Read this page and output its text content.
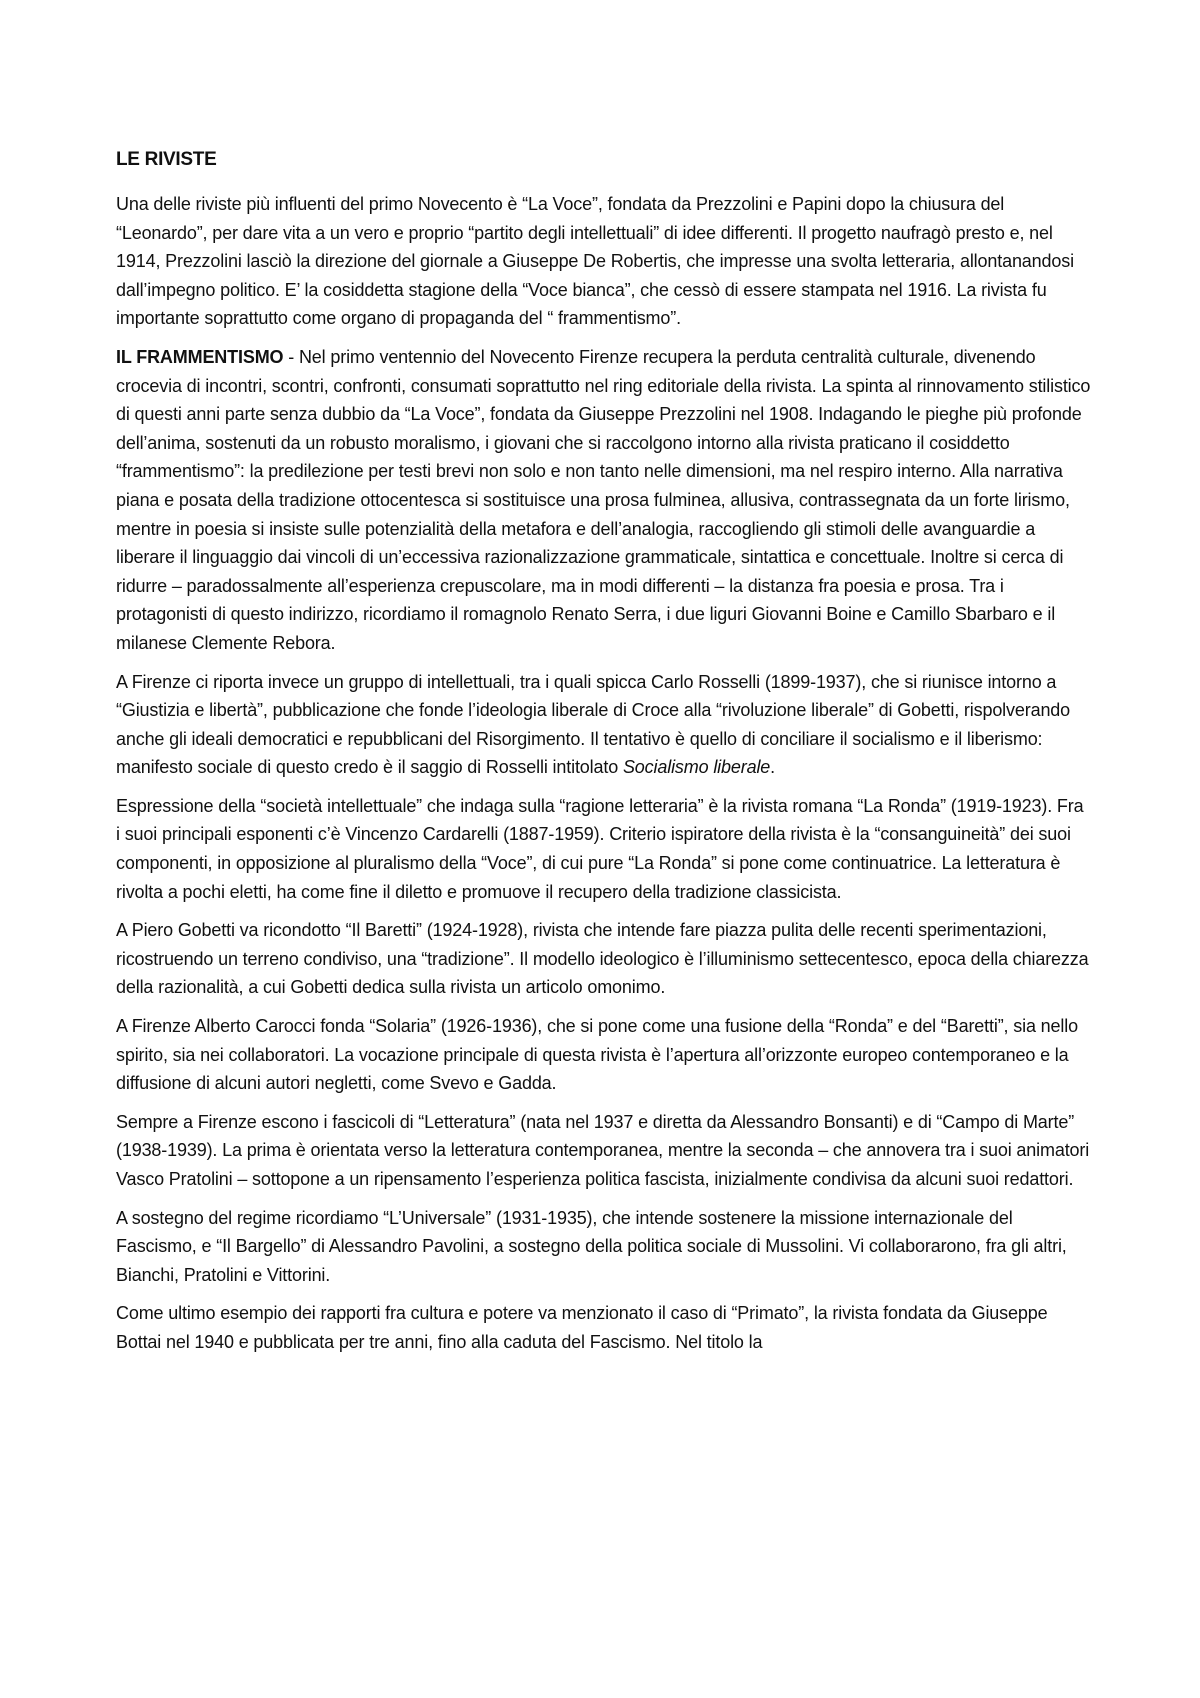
LE RIVISTE

Una delle riviste più influenti del primo Novecento è “La Voce”, fondata da Prezzolini e Papini dopo la chiusura del “Leonardo”, per dare vita a un vero e proprio “partito degli intellettuali” di idee differenti. Il progetto naufragò presto e, nel 1914, Prezzolini lasciò la direzione del giornale a Giuseppe De Robertis, che impresse una svolta letteraria, allontanandosi dall’impegno politico. E’ la cosiddetta stagione della “Voce bianca”, che cessò di essere stampata nel 1916. La rivista fu importante soprattutto come organo di propaganda del “ frammentismo”.

IL FRAMMENTISMO - Nel primo ventennio del Novecento Firenze recupera la perduta centralità culturale, divenendo crocevia di incontri, scontri, confronti, consumati soprattutto nel ring editoriale della rivista. La spinta al rinnovamento stilistico di questi anni parte senza dubbio da “La Voce”, fondata da Giuseppe Prezzolini nel 1908. Indagando le pieghe più profonde dell’anima, sostenuti da un robusto moralismo, i giovani che si raccolgono intorno alla rivista praticano il cosiddetto “frammentismo”: la predilezione per testi brevi non solo e non tanto nelle dimensioni, ma nel respiro interno. Alla narrativa piana e posata della tradizione ottocentesca si sostituisce una prosa fulminea, allusiva, contrassegnata da un forte lirismo, mentre in poesia si insiste sulle potenzialità della metafora e dell’analogia, raccogliendo gli stimoli delle avanguardie a liberare il linguaggio dai vincoli di un’eccessiva razionalizzazione grammaticale, sintattica e concettuale. Inoltre si cerca di ridurre – paradossalmente all’esperienza crepuscolare, ma in modi differenti – la distanza fra poesia e prosa. Tra i protagonisti di questo indirizzo, ricordiamo il romagnolo Renato Serra, i due liguri Giovanni Boine e Camillo Sbarbaro e il milanese Clemente Rebora.

A Firenze ci riporta invece un gruppo di intellettuali, tra i quali spicca Carlo Rosselli (1899-1937), che si riunisce intorno a “Giustizia e libertà”, pubblicazione che fonde l’ideologia liberale di Croce alla “rivoluzione liberale” di Gobetti, rispolverando anche gli ideali democratici e repubblicani del Risorgimento. Il tentativo è quello di conciliare il socialismo e il liberismo: manifesto sociale di questo credo è il saggio di Rosselli intitolato Socialismo liberale.

Espressione della “società intellettuale” che indaga sulla “ragione letteraria” è la rivista romana “La Ronda” (1919-1923). Fra i suoi principali esponenti c’è Vincenzo Cardarelli (1887-1959). Criterio ispiratore della rivista è la “consanguineità” dei suoi componenti, in opposizione al pluralismo della “Voce”, di cui pure “La Ronda” si pone come continuatrice. La letteratura è rivolta a pochi eletti, ha come fine il diletto e promuove il recupero della tradizione classicista.

A Piero Gobetti va ricondotto “Il Baretti” (1924-1928), rivista che intende fare piazza pulita delle recenti sperimentazioni, ricostruendo un terreno condiviso, una “tradizione”. Il modello ideologico è l’illuminismo settecentesco, epoca della chiarezza della razionalità, a cui Gobetti dedica sulla rivista un articolo omonimo.

A Firenze Alberto Carocci fonda “Solaria” (1926-1936), che si pone come una fusione della “Ronda” e del “Baretti”, sia nello spirito, sia nei collaboratori. La vocazione principale di questa rivista è l’apertura all’orizzonte europeo contemporaneo e la diffusione di alcuni autori negletti, come Svevo e Gadda.

Sempre a Firenze escono i fascicoli di “Letteratura” (nata nel 1937 e diretta da Alessandro Bonsanti) e di “Campo di Marte” (1938-1939). La prima è orientata verso la letteratura contemporanea, mentre la seconda – che annovera tra i suoi animatori Vasco Pratolini – sottopone a un ripensamento l’esperienza politica fascista, inizialmente condivisa da alcuni suoi redattori.

A sostegno del regime ricordiamo “L’Universale” (1931-1935), che intende sostenere la missione internazionale del Fascismo, e “Il Bargello” di Alessandro Pavolini, a sostegno della politica sociale di Mussolini. Vi collaborarono, fra gli altri, Bianchi, Pratolini e Vittorini.

Come ultimo esempio dei rapporti fra cultura e potere va menzionato il caso di “Primato”, la rivista fondata da Giuseppe Bottai nel 1940 e pubblicata per tre anni, fino alla caduta del Fascismo. Nel titolo la
